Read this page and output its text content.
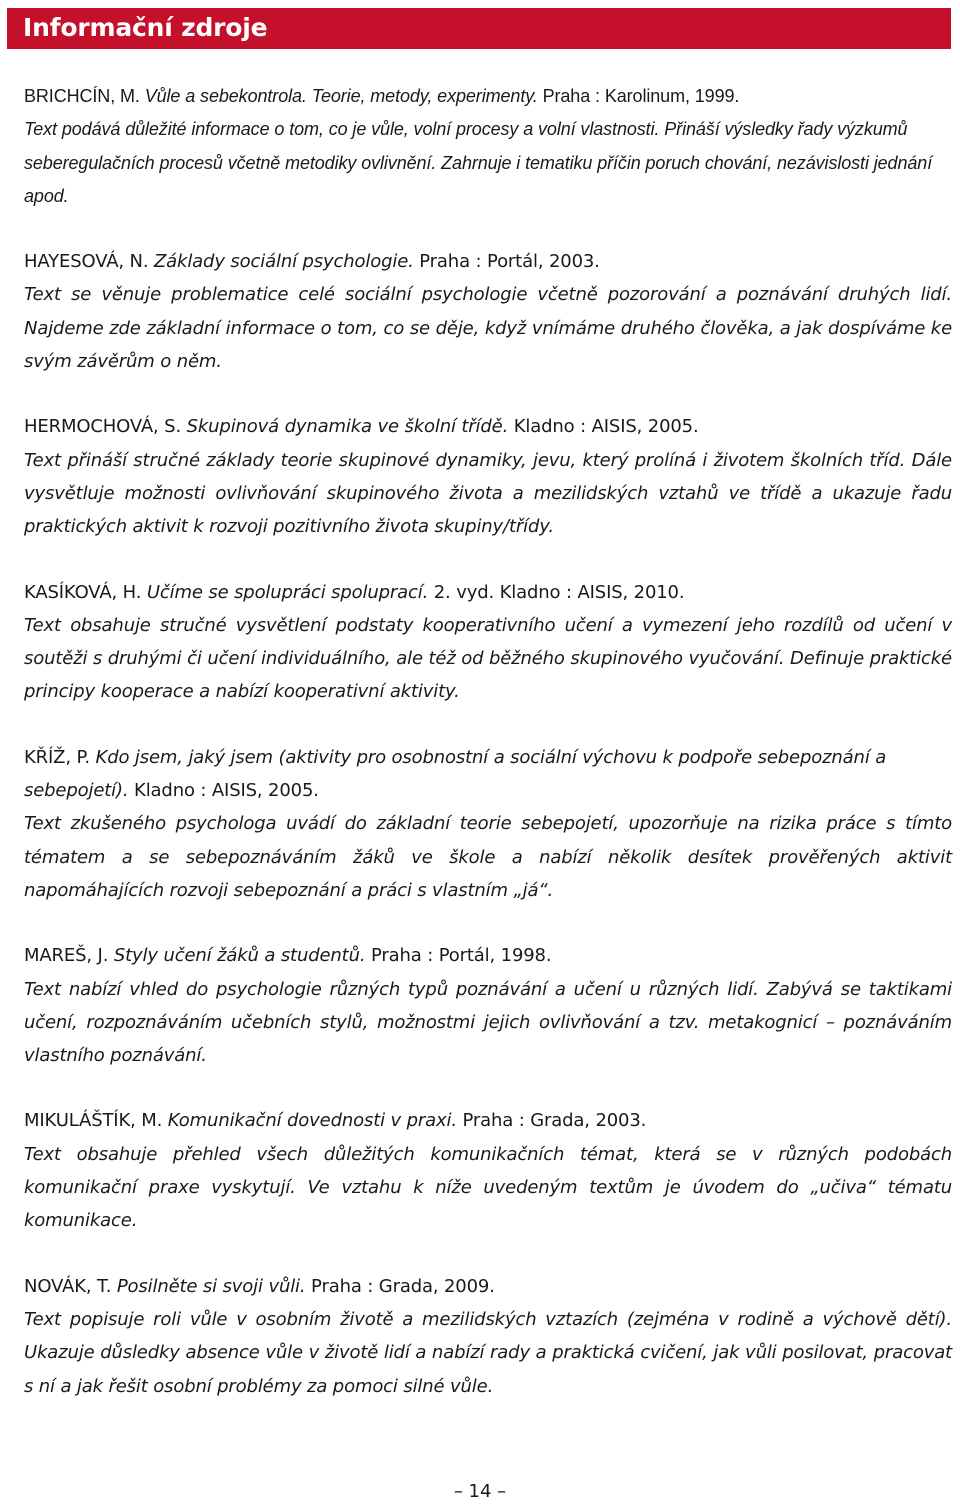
Informační zdroje

BRICHCÍN, M. Vůle a sebekontrola. Teorie, metody, experimenty. Praha : Karolinum, 1999.

Text podává důležité informace o tom, co je vůle, volní procesy a volní vlastnosti. Přináší výsledky řady výzkumů seberegulačních procesů včetně metodiky ovlivnění. Zahrnuje i tematiku příčin poruch chování, nezávislosti jednání apod.

HAYESOVÁ, N. Základy sociální psychologie. Praha : Portál, 2003.

Text se věnuje problematice celé sociální psychologie včetně pozorování a poznávání druhých lidí. Najdeme zde základní informace o tom, co se děje, když vnímáme druhého člověka, a jak dospíváme ke svým závěrům o něm.

HERMOCHOVÁ, S. Skupinová dynamika ve školní třídě. Kladno : AISIS, 2005.

Text přináší stručné základy teorie skupinové dynamiky, jevu, který prolíná i životem školních tříd. Dále vysvětluje možnosti ovlivňování skupinového života a mezilidských vztahů ve třídě a ukazuje řadu praktických aktivit k rozvoji pozitivního života skupiny/třídy.

KASÍKOVÁ, H. Učíme se spolupráci spoluprací. 2. vyd. Kladno : AISIS, 2010.

Text obsahuje stručné vysvětlení podstaty kooperativního učení a vymezení jeho rozdílů od učení v soutěži s druhými či učení individuálního, ale též od běžného skupinového vyučování. Definuje praktické principy kooperace a nabízí kooperativní aktivity.

KŘÍŽ, P. Kdo jsem, jaký jsem (aktivity pro osobnostní a sociální výchovu k podpoře sebepoznání a sebepojetí). Kladno : AISIS, 2005.

Text zkušeného psychologa uvádí do základní teorie sebepojetí, upozorňuje na rizika práce s tímto tématem a se sebepoznáváním žáků ve škole a nabízí několik desítek prověřených aktivit napomáhajících rozvoji sebepoznání a práci s vlastním „já“.

MAREŠ, J. Styly učení žáků a studentů. Praha : Portál, 1998.

Text nabízí vhled do psychologie různých typů poznávání a učení u různých lidí. Zabývá se taktikami učení, rozpoznáváním učebních stylů, možnostmi jejich ovlivňování a tzv. metakognicí – poznáváním vlastního poznávání.

MIKULÁŠTÍK, M. Komunikační dovednosti v praxi. Praha : Grada, 2003.

Text obsahuje přehled všech důležitých komunikačních témat, která se v různých podobách komunikační praxe vyskytují. Ve vztahu k níže uvedeným textům je úvodem do „učiva“ tématu komunikace.

NOVÁK, T. Posilněte si svoji vůli. Praha : Grada, 2009.

Text popisuje roli vůle v osobním životě a mezilidských vztazích (zejména v rodině a výchově dětí). Ukazuje důsledky absence vůle v životě lidí a nabízí rady a praktická cvičení, jak vůli posilovat, pracovat s ní a jak řešit osobní problémy za pomoci silné vůle.

– 14 –
